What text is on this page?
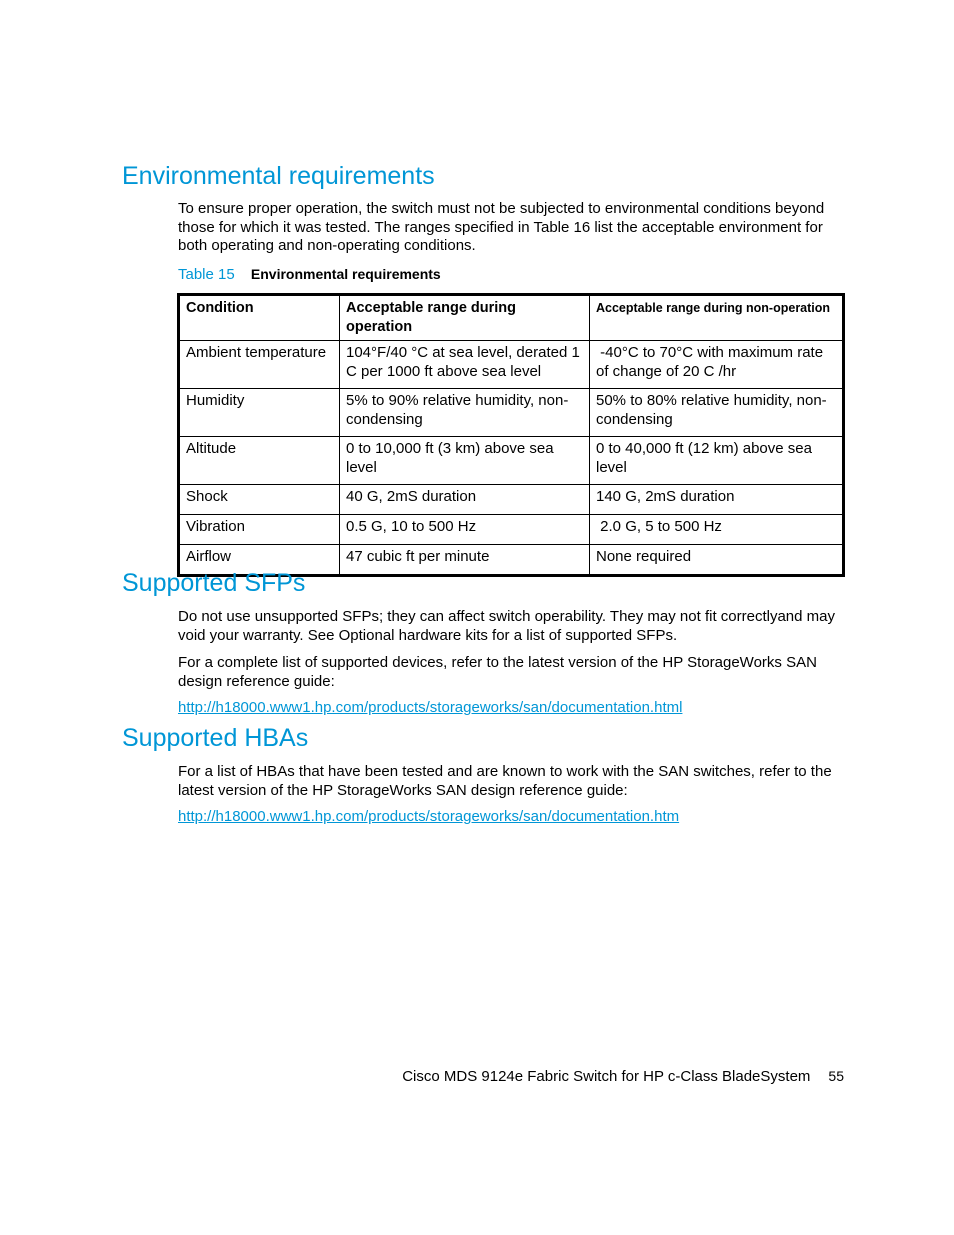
Environmental requirements

To ensure proper operation, the switch must not be subjected to environmental conditions beyond those for which it was tested. The ranges specified in Table 16 list the acceptable environment for both operating and non-operating conditions.

Table 15 Environmental requirements

Condition	Acceptable range during operation	Acceptable range during non-operation
Ambient temperature	104°F/40 °C at sea level, derated 1 C per 1000 ft above sea level	-40°C to 70°C with maximum rate of change of 20 C /hr
Humidity	5% to 90% relative humidity, non-condensing	50% to 80% relative humidity, non-condensing
Altitude	0 to 10,000 ft (3 km) above sea level	0 to 40,000 ft (12 km) above sea level
Shock	40 G, 2mS duration	140 G, 2mS duration
Vibration	0.5 G, 10 to 500 Hz	2.0 G, 5 to 500 Hz
Airflow	47 cubic ft per minute	None required
Supported SFPs

Do not use unsupported SFPs; they can affect switch operability. They may not fit correctlyand may void your warranty. See Optional hardware kits for a list of supported SFPs.

For a complete list of supported devices, refer to the latest version of the HP StorageWorks SAN design reference guide:

http://h18000.www1.hp.com/products/storageworks/san/documentation.html
Supported HBAs

For a list of HBAs that have been tested and are known to work with the SAN switches, refer to the latest version of the HP StorageWorks SAN design reference guide:

http://h18000.www1.hp.com/products/storageworks/san/documentation.htm
Cisco MDS 9124e Fabric Switch for HP c-Class BladeSystem 55
